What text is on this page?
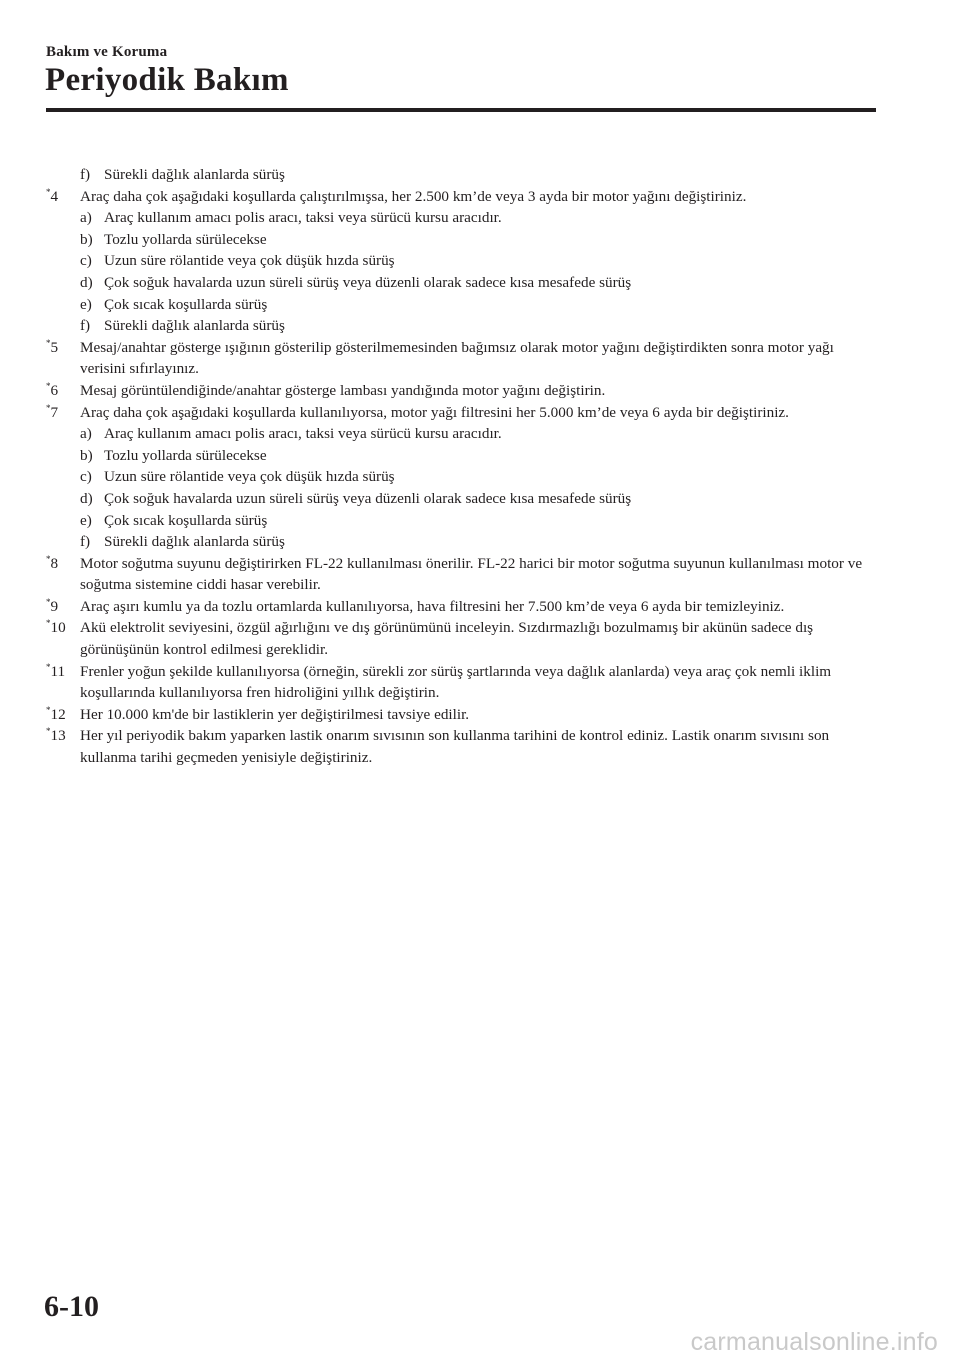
Bakım ve Koruma
Periyodik Bakım
f) Sürekli dağlık alanlarda sürüş
*4	Araç daha çok aşağıdaki koşullarda çalıştırılmışsa, her 2.500 km’de veya 3 ayda bir motor yağını değiştiriniz.
a) Araç kullanım amacı polis aracı, taksi veya sürücü kursu aracıdır.
b) Tozlu yollarda sürülecekse
c) Uzun süre rölantide veya çok düşük hızda sürüş
d) Çok soğuk havalarda uzun süreli sürüş veya düzenli olarak sadece kısa mesafede sürüş
e) Çok sıcak koşullarda sürüş
f) Sürekli dağlık alanlarda sürüş
*5	Mesaj/anahtar gösterge ışığının gösterilip gösterilmemesinden bağımsız olarak motor yağını değiştirdikten sonra motor yağı verisini sıfırlayınız.
*6	Mesaj görüntülendiğinde/anahtar gösterge lambası yandığında motor yağını değiştirin.
*7	Araç daha çok aşağıdaki koşullarda kullanılıyorsa, motor yağı filtresini her 5.000 km’de veya 6 ayda bir değiştiriniz.
a) Araç kullanım amacı polis aracı, taksi veya sürücü kursu aracıdır.
b) Tozlu yollarda sürülecekse
c) Uzun süre rölantide veya çok düşük hızda sürüş
d) Çok soğuk havalarda uzun süreli sürüş veya düzenli olarak sadece kısa mesafede sürüş
e) Çok sıcak koşullarda sürüş
f) Sürekli dağlık alanlarda sürüş
*8	Motor soğutma suyunu değiştirirken FL-22 kullanılması önerilir. FL-22 harici bir motor soğutma suyunun kullanılması motor ve soğutma sistemine ciddi hasar verebilir.
*9	Araç aşırı kumlu ya da tozlu ortamlarda kullanılıyorsa, hava filtresini her 7.500 km’de veya 6 ayda bir temizleyiniz.
*10 Akü elektrolit seviyesini, özgül ağırlığını ve dış görünümünü inceleyin. Sızdırmazlığı bozulmamış bir akünün sadece dış görünüşünün kontrol edilmesi gereklidir.
*11 Frenler yoğun şekilde kullanılıyorsa (örneğin, sürekli zor sürüş şartlarında veya dağlık alanlarda) veya araç çok nemli iklim koşullarında kullanılıyorsa fren hidroliğini yıllık değiştirin.
*12 Her 10.000 km'de bir lastiklerin yer değiştirilmesi tavsiye edilir.
*13 Her yıl periyodik bakım yaparken lastik onarım sıvısının son kullanma tarihini de kontrol ediniz. Lastik onarım sıvısını son kullanma tarihi geçmeden yenisiyle değiştiriniz.
6-10
carmanualsonline.info
